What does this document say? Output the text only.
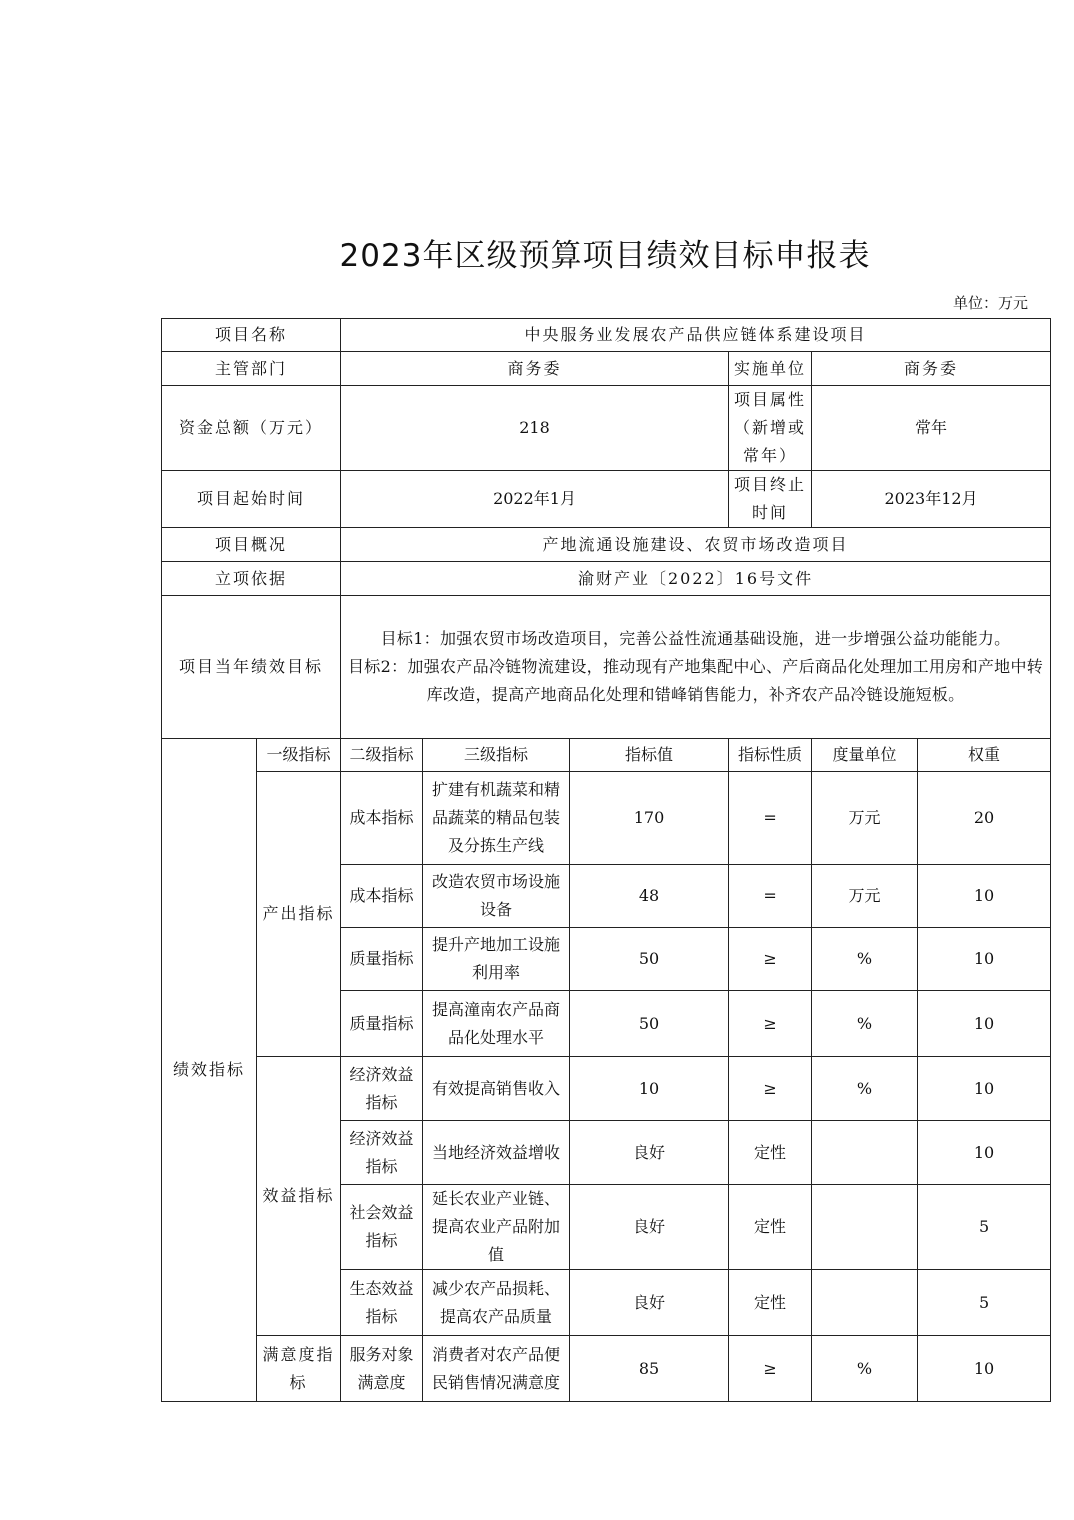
2023年区级预算项目绩效目标申报表
单位：万元
项目名称		中央服务业发展农产品供应链体系建设项目					
主管部门		商务委			实施单位	商务委	
资金总额（万元）		218			项目属性（新增或常年）	常年	
项目起始时间		2022年1月			项目终止时间	2023年12月	
项目概况		产地流通设施建设、农贸市场改造项目					
立项依据		渝财产业〔2022〕16号文件					
项目当年绩效目标		目标1：加强农贸市场改造项目，完善公益性流通基础设施，进一步增强公益功能能力。
目标2：加强农产品冷链物流建设，推动现有产地集配中心、产后商品化处理加工用房和产地中转库改造，提高产地商品化处理和错峰销售能力，补齐农产品冷链设施短板。					

绩效指标	一级指标	二级指标	三级指标	指标值	指标性质	度量单位	权重
	产出指标	成本指标	扩建有机蔬菜和精品蔬菜的精品包装及分拣生产线	170	=	万元	20
		成本指标	改造农贸市场设施设备	48	=	万元	10
		质量指标	提升产地加工设施利用率	50	≥	%	10
		质量指标	提高潼南农产品商品化处理水平	50	≥	%	10
	效益指标	经济效益指标	有效提高销售收入	10	≥	%	10
		经济效益指标	当地经济效益增收	良好	定性		10
		社会效益指标	延长农业产业链、提高农业产品附加值	良好	定性		5
		生态效益指标	减少农产品损耗、提高农产品质量	良好	定性		5
	满意度指标	服务对象满意度	消费者对农产品便民销售情况满意度	85	≥	%	10
